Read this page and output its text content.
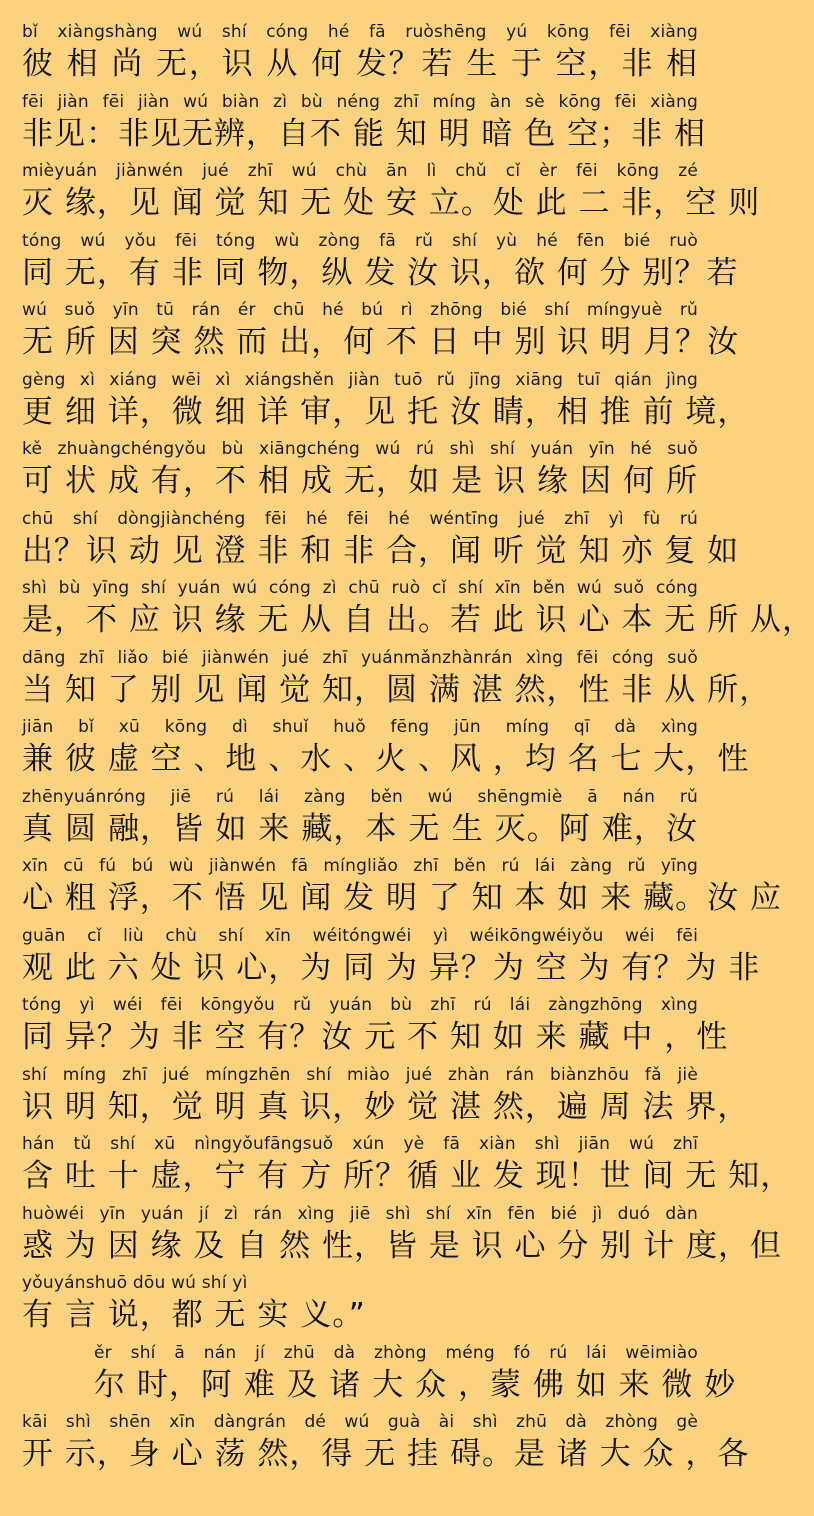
bǐ xiàngshàng wú shí cóng hé fā ruòshēng yú kōng fēi xiàng
彼 相 尚 无，识 从 何 发？若 生 于 空，非 相
fēi jiàn fēi jiàn wú biàn zì bù néng zhī míng àn sè kōng fēi xiàng
非见：非见无辨，自不 能 知 明 暗 色 空；非 相
mièyuán jiànwén jué zhī wú chù ān lì chǔ cǐ èr fēi kōng zé
灭 缘，见 闻 觉 知 无 处 安 立。处 此 二 非，空 则
tóng wú yǒu fēi tóng wù zòng fā rǔ shí yù hé fēn bié ruò
同 无，有 非 同 物，纵 发 汝 识，欲 何 分 别？若
wú suǒ yīn tū rán ér chū hé bú rì zhōng bié shí míngyuè rǔ
无 所 因 突 然 而 出，何 不 日 中 别 识 明 月？汝
gèng xì xiáng wēi xì xiángshěn jiàn tuō rǔ jīng xiāng tuī qián jìng
更 细 详，微 细 详 审，见 托 汝 睛，相 推 前 境，
kě zhuàngchéngyǒu bù xiāngchéng wú rú shì shí yuán yīn hé suǒ
可 状 成 有，不 相 成 无，如 是 识 缘 因 何 所
chū shí dòngjiànchéng fēi hé fēi hé wéntīng jué zhī yì fù rú
出？识 动 见 澄 非 和 非 合，闻 听 觉 知 亦 复 如
shì bù yīng shí yuán wú cóng zì chū ruò cǐ shí xīn běn wú suǒ cóng
是，不 应 识 缘 无 从 自 出。若 此 识 心 本 无 所 从，
dāng zhī liǎo bié jiànwén jué zhī yuánmǎnzhànrán xìng fēi cóng suǒ
当 知 了 别 见 闻 觉 知，圆 满 湛 然，性 非 从 所，
jiān bǐ xū kōng dì shuǐ huǒ fēng jūn míng qī dà xìng
兼 彼 虚 空 、地 、水 、火 、风 ，均 名 七 大，性
zhēnyuánróng jiē rú lái zàng běn wú shēngmiè ā nán rǔ
真 圆 融，皆 如 来 藏，本 无 生 灭。阿 难，汝
xīn cū fú bú wù jiànwén fā míngliǎo zhī běn rú lái zàng rǔ yīng
心 粗 浮，不 悟 见 闻 发 明 了 知 本 如 来 藏。汝 应
guān cǐ liù chù shí xīn wéitóngwéi yì wéikōngwéiyǒu wéi fēi
观 此 六 处 识 心，为 同 为 异？为 空 为 有？为 非
tóng yì wéi fēi kōngyǒu rǔ yuán bù zhī rú lái zàngzhōng xìng
同 异？为 非 空 有？汝 元 不 知 如 来 藏 中 ，性
shí míng zhī jué míngzhēn shí miào jué zhàn rán biànzhōu fǎ jiè
识 明 知，觉 明 真 识，妙 觉 湛 然，遍 周 法 界，
hán tǔ shí xū nìngyǒufāngsuǒ xún yè fā xiàn shì jiān wú zhī
含 吐 十 虚，宁 有 方 所？循 业 发 现！世 间 无 知，
huòwéi yīn yuán jí zì rán xìng jiē shì shí xīn fēn bié jì duó dàn
惑 为 因 缘 及 自 然 性，皆 是 识 心 分 别 计 度，但
yǒuyánshuō dōu wú shí yì
有 言 说，都 无 实 义。”
ěr shí ā nán jí zhū dà zhòng méng fó rú lái wēimiào
尔 时，阿 难 及 诸 大 众 ，蒙 佛 如 来 微 妙
kāi shì shēn xīn dàngrán dé wú guà ài shì zhū dà zhòng gè
开 示，身 心 荡 然，得 无 挂 碍。是 诸 大 众 ，各
